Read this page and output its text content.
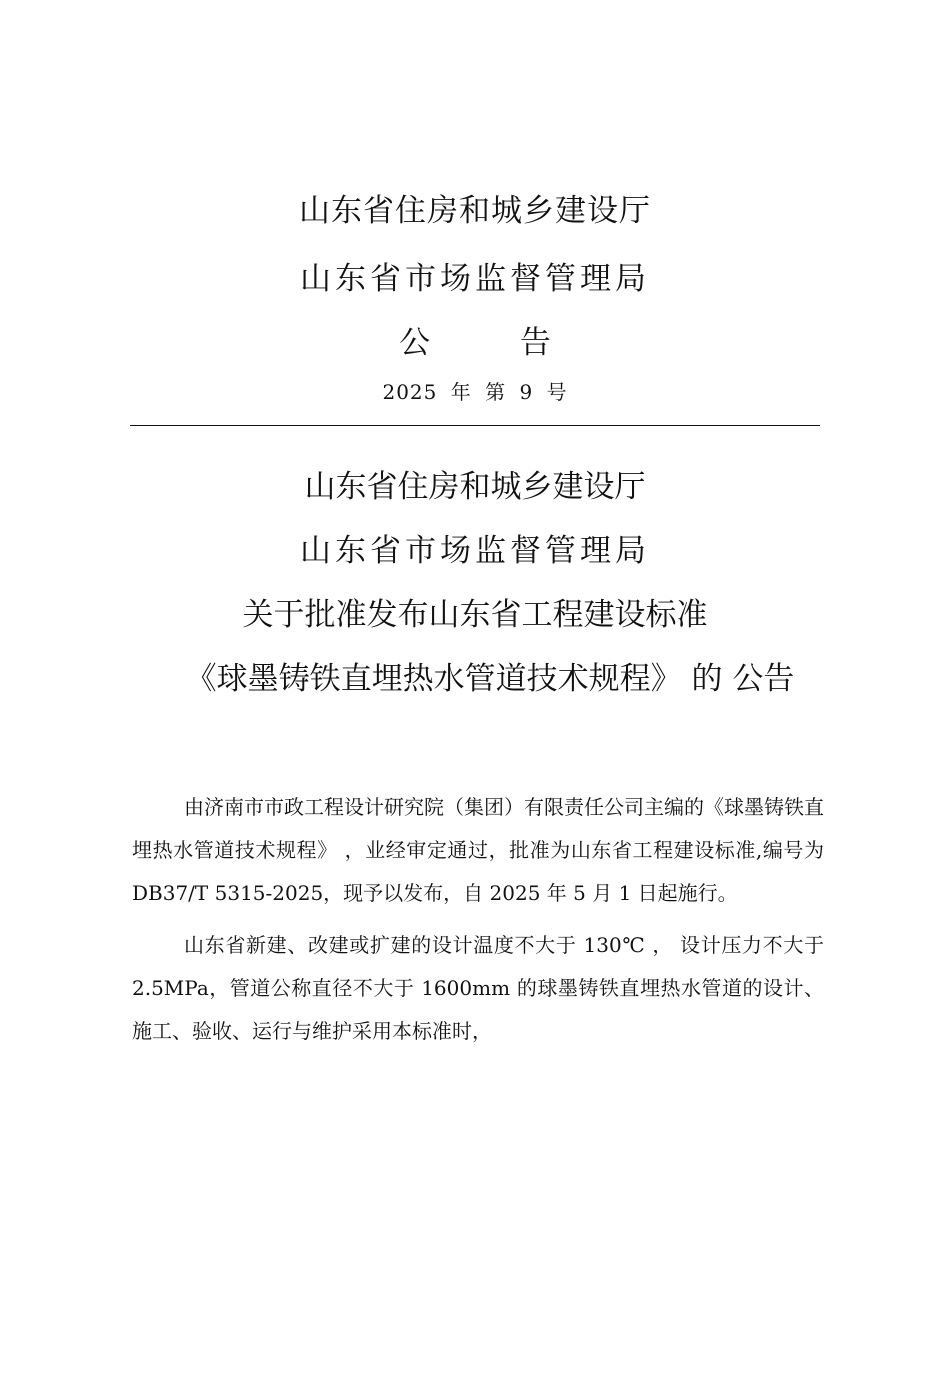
山东省住房和城乡建设厅
山东省市场监督管理局
公 告
2025 年 第 9 号
山东省住房和城乡建设厅
山东省市场监督管理局
关于批准发布山东省工程建设标准
《球墨铸铁直埋热水管道技术规程》 的 公告

由济南市市政工程设计研究院（集团）有限责任公司主编的《球墨铸铁直埋热水管道技术规程》 ，业经审定通过，批准为山东省工程建设标准,编号为 DB37/T 5315-2025，现予以发布，自 2025 年 5 月 1 日起施行。

山东省新建、改建或扩建的设计温度不大于 130℃ ， 设计压力不大于 2.5MPa，管道公称直径不大于 1600mm 的球墨铸铁直埋热水管道的设计、施工、验收、运行与维护采用本标准时，
